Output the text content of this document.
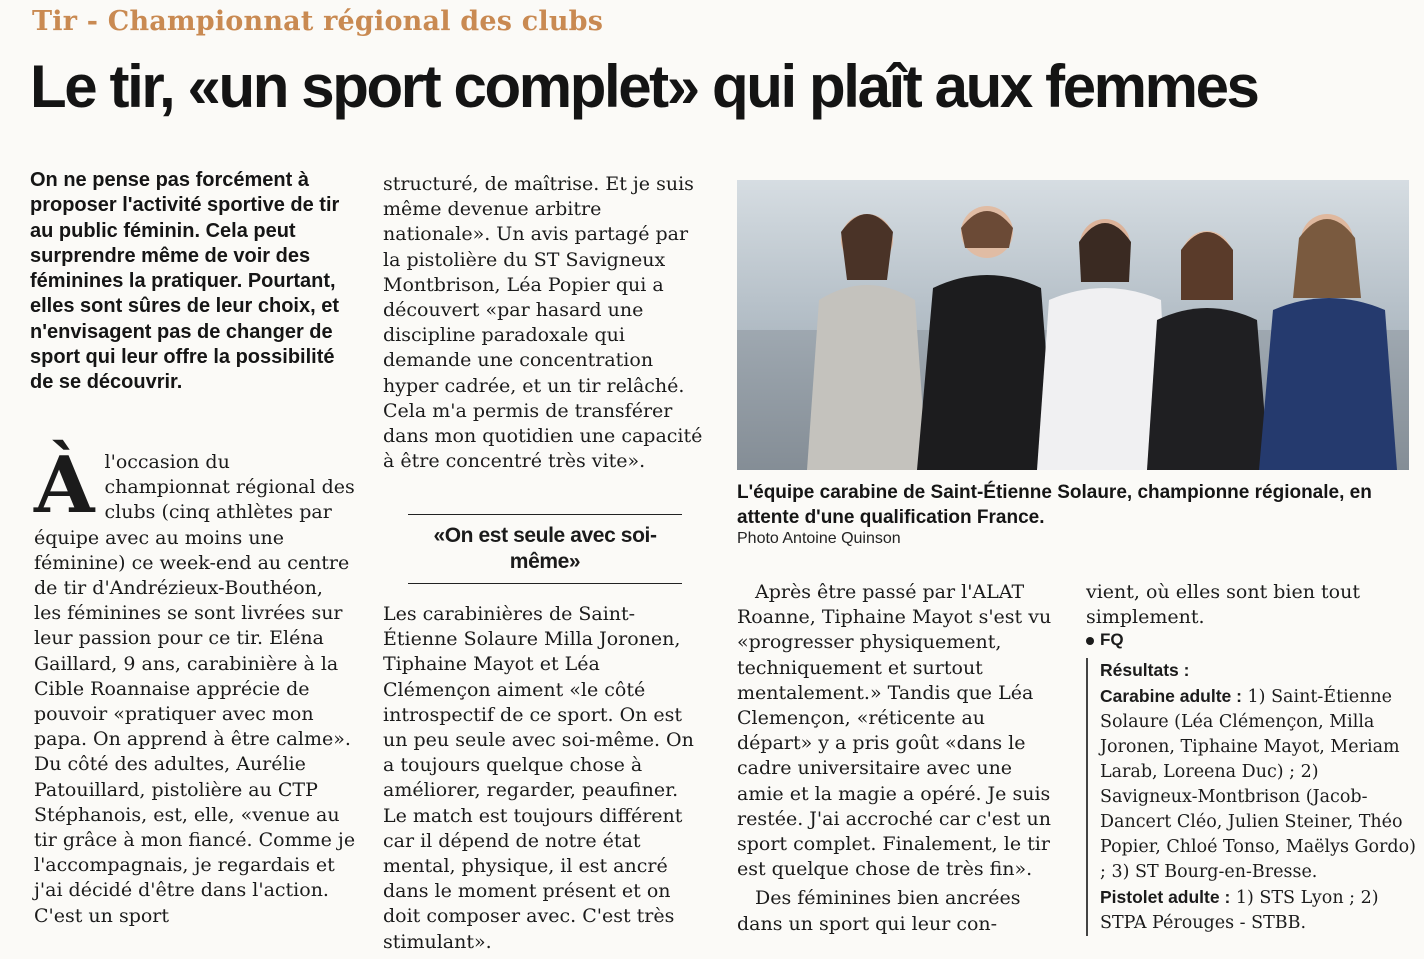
Tir - Championnat régional des clubs
Le tir, «un sport complet» qui plaît aux femmes
On ne pense pas forcément à proposer l'activité sportive de tir au public féminin. Cela peut surprendre même de voir des féminines la pratiquer. Pourtant, elles sont sûres de leur choix, et n'envisagent pas de changer de sport qui leur offre la possibilité de se découvrir.
À l'occasion du championnat régional des clubs (cinq athlètes par équipe avec au moins une féminine) ce week-end au centre de tir d'Andrézieux-Bouthéon, les féminines se sont livrées sur leur passion pour ce tir. Eléna Gaillard, 9 ans, carabinière à la Cible Roannaise apprécie de pouvoir «pratiquer avec mon papa. On apprend à être calme». Du côté des adultes, Aurélie Patouillard, pistolière au CTP Stéphanois, est, elle, «venue au tir grâce à mon fiancé. Comme je l'accompagnais, je regardais et j'ai décidé d'être dans l'action. C'est un sport

structuré, de maîtrise. Et je suis même devenue arbitre nationale». Un avis partagé par la pistolière du ST Savigneux Montbrison, Léa Popier qui a découvert «par hasard une discipline paradoxale qui demande une concentration hyper cadrée, et un tir relâché. Cela m'a permis de transférer dans mon quotidien une capacité à être concentré très vite».

«On est seule avec soi-même»

Les carabinières de Saint-Étienne Solaure Milla Joronen, Tiphaine Mayot et Léa Clémençon aiment «le côté introspectif de ce sport. On est un peu seule avec soi-même. On a toujours quelque chose à améliorer, regarder, peaufiner. Le match est toujours différent car il dépend de notre état mental, physique, il est ancré dans le moment présent et on doit composer avec. C'est très stimulant».

L'équipe carabine de Saint-Étienne Solaure, championne régionale, en attente d'une qualification France.
Photo Antoine Quinson

Après être passé par l'ALAT Roanne, Tiphaine Mayot s'est vu «progresser physiquement, techniquement et surtout mentalement.» Tandis que Léa Clemençon, «réticente au départ» y a pris goût «dans le cadre universitaire avec une amie et la magie a opéré. Je suis restée. J'ai accroché car c'est un sport complet. Finalement, le tir est quelque chose de très fin».

Des féminines bien ancrées dans un sport qui leur con-

vient, où elles sont bien tout simplement.

FQ
Résultats :
Carabine adulte : 1) Saint-Étienne Solaure (Léa Clémençon, Milla Joronen, Tiphaine Mayot, Meriam Larab, Loreena Duc) ; 2) Savigneux-Montbrison (Jacob-Dancert Cléo, Julien Steiner, Théo Popier, Chloé Tonso, Maëlys Gordo) ; 3) ST Bourg-en-Bresse.
Pistolet adulte : 1) STS Lyon ; 2) STPA Pérouges - STBB.
